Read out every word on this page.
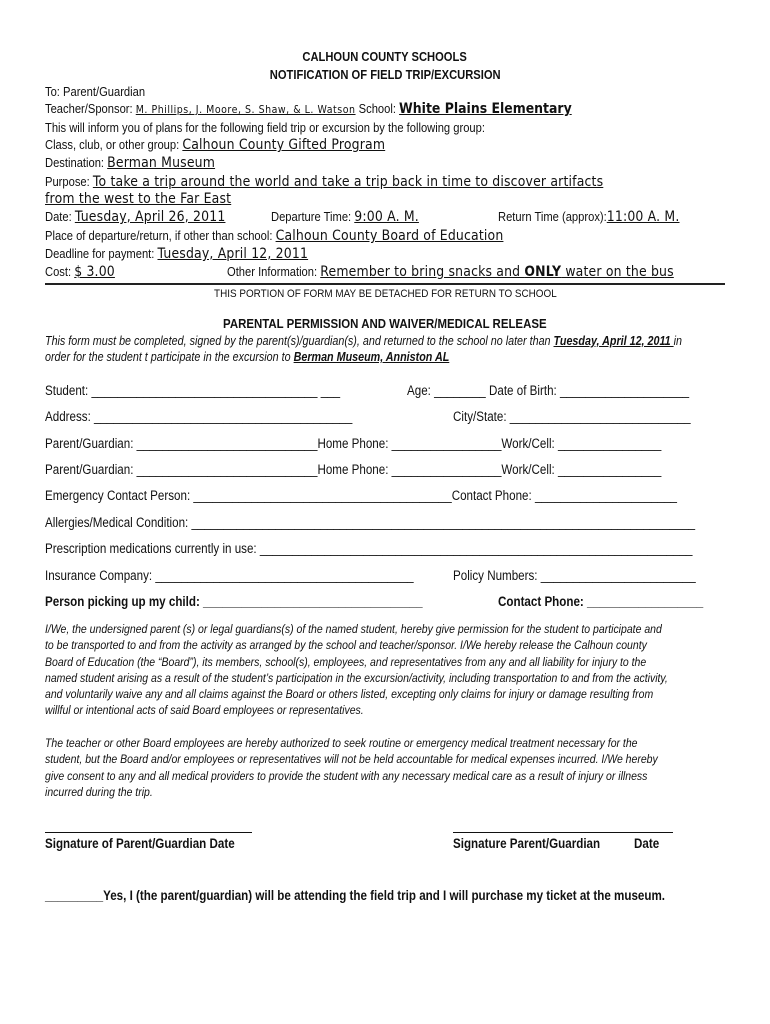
CALHOUN COUNTY SCHOOLS
NOTIFICATION OF FIELD TRIP/EXCURSION
To: Parent/Guardian
Teacher/Sponsor: M. Phillips, J. Moore, S. Shaw, & L. Watson School: White Plains Elementary
This will inform you of plans for the following field trip or excursion by the following group:
Class, club, or other group: Calhoun County Gifted Program
Destination: Berman Museum
Purpose: To take a trip around the world and take a trip back in time to discover artifacts
from the west to the Far East
Date: Tuesday, April 26, 2011	Departure Time: 9:00 A. M.	Return Time (approx):11:00 A. M.
Place of departure/return, if other than school: Calhoun County Board of Education
Deadline for payment: Tuesday, April 12, 2011
Cost: $ 3.00	Other Information: Remember to bring snacks and ONLY water on the bus
THIS PORTION OF FORM MAY BE DETACHED FOR RETURN TO SCHOOL
PARENTAL PERMISSION AND WAIVER/MEDICAL RELEASE
This form must be completed, signed by the parent(s)/guardian(s), and returned to the school no later than Tuesday, April 12, 2011 in
order for the student t participate in the excursion to Berman Museum, Anniston AL
Student: ___________________________________ ___	Age: ________ Date of Birth: ____________________
Address: ________________________________________	City/State: ____________________________
Parent/Guardian: ____________________________Home Phone: _________________Work/Cell: ________________
Parent/Guardian: ____________________________Home Phone: _________________Work/Cell: ________________
Emergency Contact Person: ________________________________________Contact Phone: ______________________
Allergies/Medical Condition: ______________________________________________________________________________
Prescription medications currently in use: ___________________________________________________________________
Insurance Company: ________________________________________	Policy Numbers: ________________________
Person picking up my child: __________________________________	Contact Phone: __________________
I/We, the undersigned parent (s) or legal guardians(s) of the named student, hereby give permission for the student to participate and
to be transported to and from the activity as arranged by the school and teacher/sponsor. I/We hereby release the Calhoun county
Board of Education (the “Board”), its members, school(s), employees, and representatives from any and all liability for injury to the
named student arising as a result of the student’s participation in the excursion/activity, including transportation to and from the activity,
and voluntarily waive any and all claims against the Board or others listed, excepting only claims for injury or damage resulting from
willful or intentional acts of said Board employees or representatives.
The teacher or other Board employees are hereby authorized to seek routine or emergency medical treatment necessary for the
student, but the Board and/or employees or representatives will not be held accountable for medical expenses incurred. I/We hereby
give consent to any and all medical providers to provide the student with any necessary medical care as a result of injury or illness
incurred during the trip.
Signature of Parent/Guardian Date	Signature Parent/Guardian	Date
_________Yes, I (the parent/guardian) will be attending the field trip and I will purchase my ticket at the museum.
